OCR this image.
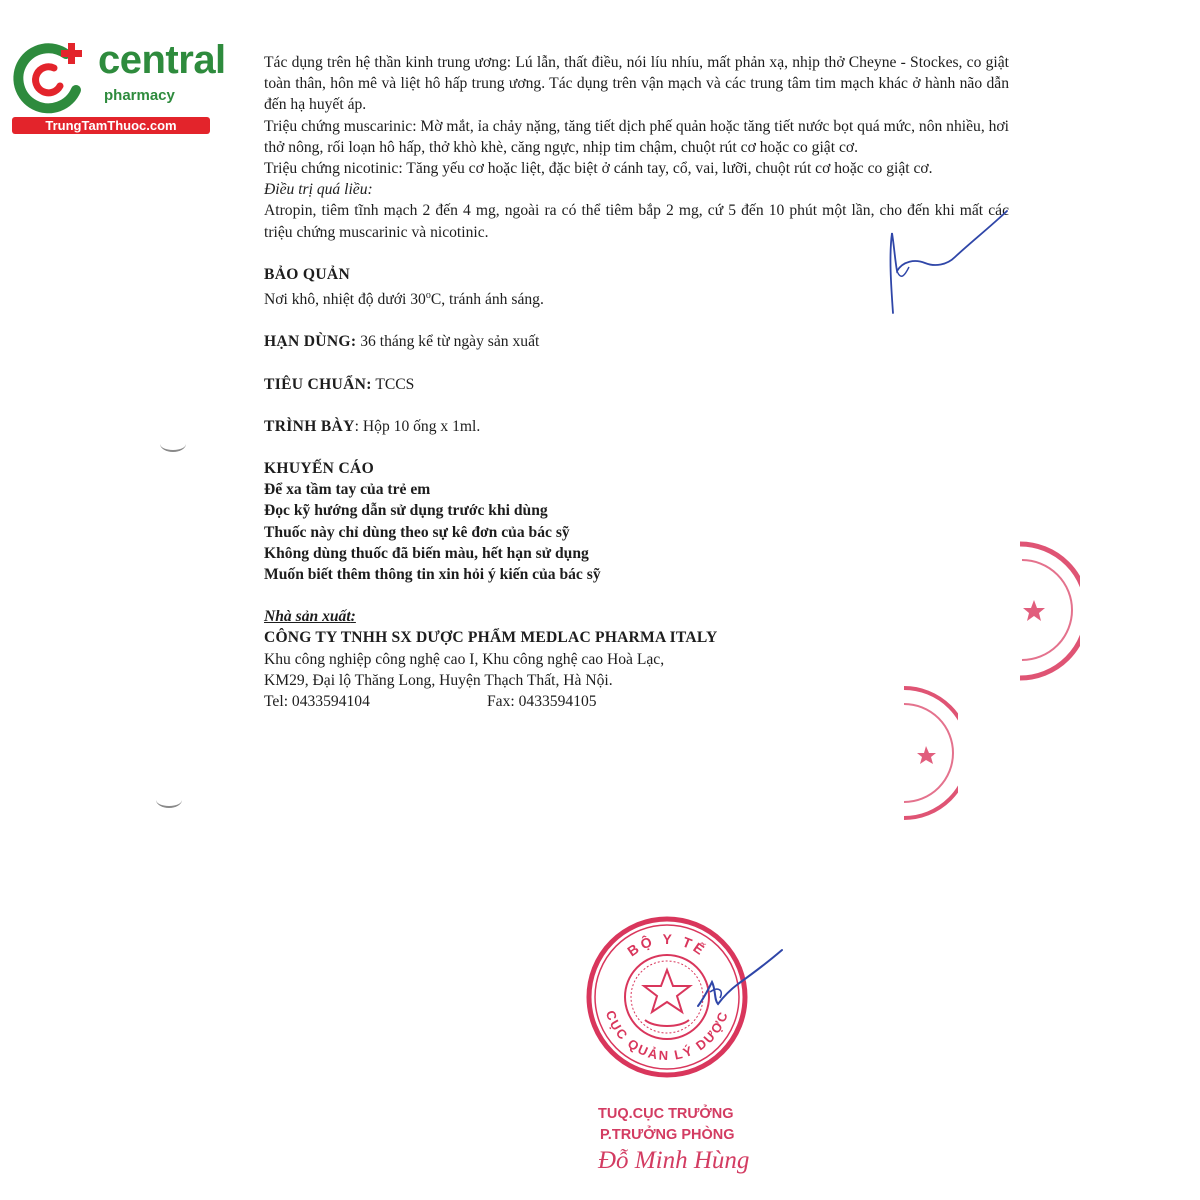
central
pharmacy
TrungTamThuoc.com

Tác dụng trên hệ thần kinh trung ương: Lú lẫn, thất điều, nói líu nhíu, mất phản xạ, nhịp thở Cheyne - Stockes, co giật toàn thân, hôn mê và liệt hô hấp trung ương. Tác dụng trên vận mạch và các trung tâm tim mạch khác ở hành não dẫn đến hạ huyết áp.

Triệu chứng muscarinic: Mờ mắt, ỉa chảy nặng, tăng tiết dịch phế quản hoặc tăng tiết nước bọt quá mức, nôn nhiều, hơi thở nông, rối loạn hô hấp, thở khò khè, căng ngực, nhịp tim chậm, chuột rút cơ hoặc co giật cơ.

Triệu chứng nicotinic: Tăng yếu cơ hoặc liệt, đặc biệt ở cánh tay, cổ, vai, lưỡi, chuột rút cơ hoặc co giật cơ.

Điều trị quá liều:

Atropin, tiêm tĩnh mạch 2 đến 4 mg, ngoài ra có thể tiêm bắp 2 mg, cứ 5 đến 10 phút một lần, cho đến khi mất các triệu chứng muscarinic và nicotinic.

BẢO QUẢN

Nơi khô, nhiệt độ dưới 30$^o$C, tránh ánh sáng.

HẠN DÙNG: 36 tháng kể từ ngày sản xuất

TIÊU CHUẨN: TCCS

TRÌNH BÀY: Hộp 10 ống x 1ml.

KHUYẾN CÁO

Để xa tầm tay của trẻ em

Đọc kỹ hướng dẫn sử dụng trước khi dùng

Thuốc này chỉ dùng theo sự kê đơn của bác sỹ

Không dùng thuốc đã biến màu, hết hạn sử dụng

Muốn biết thêm thông tin xin hỏi ý kiến của bác sỹ

Nhà sản xuất:

CÔNG TY TNHH SX DƯỢC PHẨM MEDLAC PHARMA ITALY

Khu công nghiệp công nghệ cao I, Khu công nghệ cao Hoà Lạc,

KM29, Đại lộ Thăng Long, Huyện Thạch Thất, Hà Nội.

Tel: 0433594104	Fax: 0433594105

BỘ Y TẾ
CỤC QUẢN LÝ DƯỢC
TUQ.CỤC TRƯỞNG
P.TRƯỞNG PHÒNG
Đỗ Minh Hùng
